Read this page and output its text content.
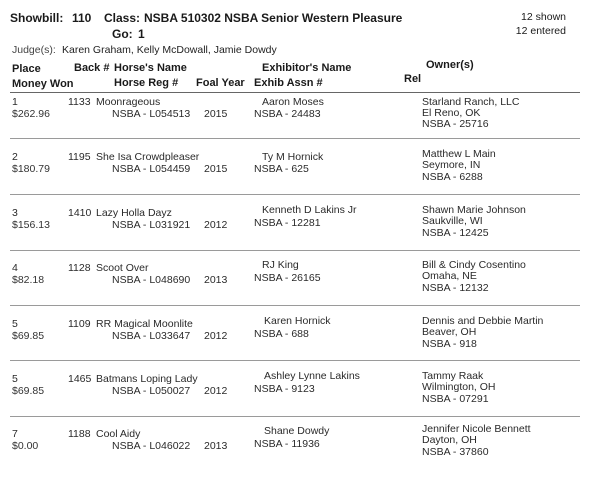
Showbill: 110 Class: NSBA 510302 NSBA Senior Western Pleasure
Go: 1
12 shown
12 entered
Judge(s): Karen Graham, Kelly McDowall, Jamie Dowdy
Place
Money Won
Back # Horse's Name
Horse Reg # Foal Year
Exhibitor's Name
Exhib Assn #	Rel
Owner(s)
1
$262.96
1133 Moonrageous
NSBA - L054513 2015
Aaron Moses
NSBA - 24483
Starland Ranch, LLC
El Reno, OK
NSBA - 25716
2
$180.79
1195 She Isa Crowdpleaser
NSBA - L054459 2015
Ty M Hornick
NSBA - 625
Matthew L Main
Seymore, IN
NSBA - 6288
3
$156.13
1410 Lazy Holla Dayz
NSBA - L031921 2012
Kenneth D Lakins Jr
NSBA - 12281
Shawn Marie Johnson
Saukville, WI
NSBA - 12425
4
$82.18
1128 Scoot Over
NSBA - L048690 2013
RJ King
NSBA - 26165
Bill & Cindy Cosentino
Omaha, NE
NSBA - 12132
5
$69.85
1109 RR Magical Moonlite
NSBA - L033647 2012
Karen Hornick
NSBA - 688
Dennis and Debbie Martin
Beaver, OH
NSBA - 918
5
$69.85
1465 Batmans Loping Lady
NSBA - L050027 2012
Ashley Lynne Lakins
NSBA - 9123
Tammy Raak
Wilmington, OH
NSBA - 07291
7
$0.00
1188 Cool Aidy
NSBA - L046022 2013
Shane Dowdy
NSBA - 11936
Jennifer Nicole Bennett
Dayton, OH
NSBA - 37860
